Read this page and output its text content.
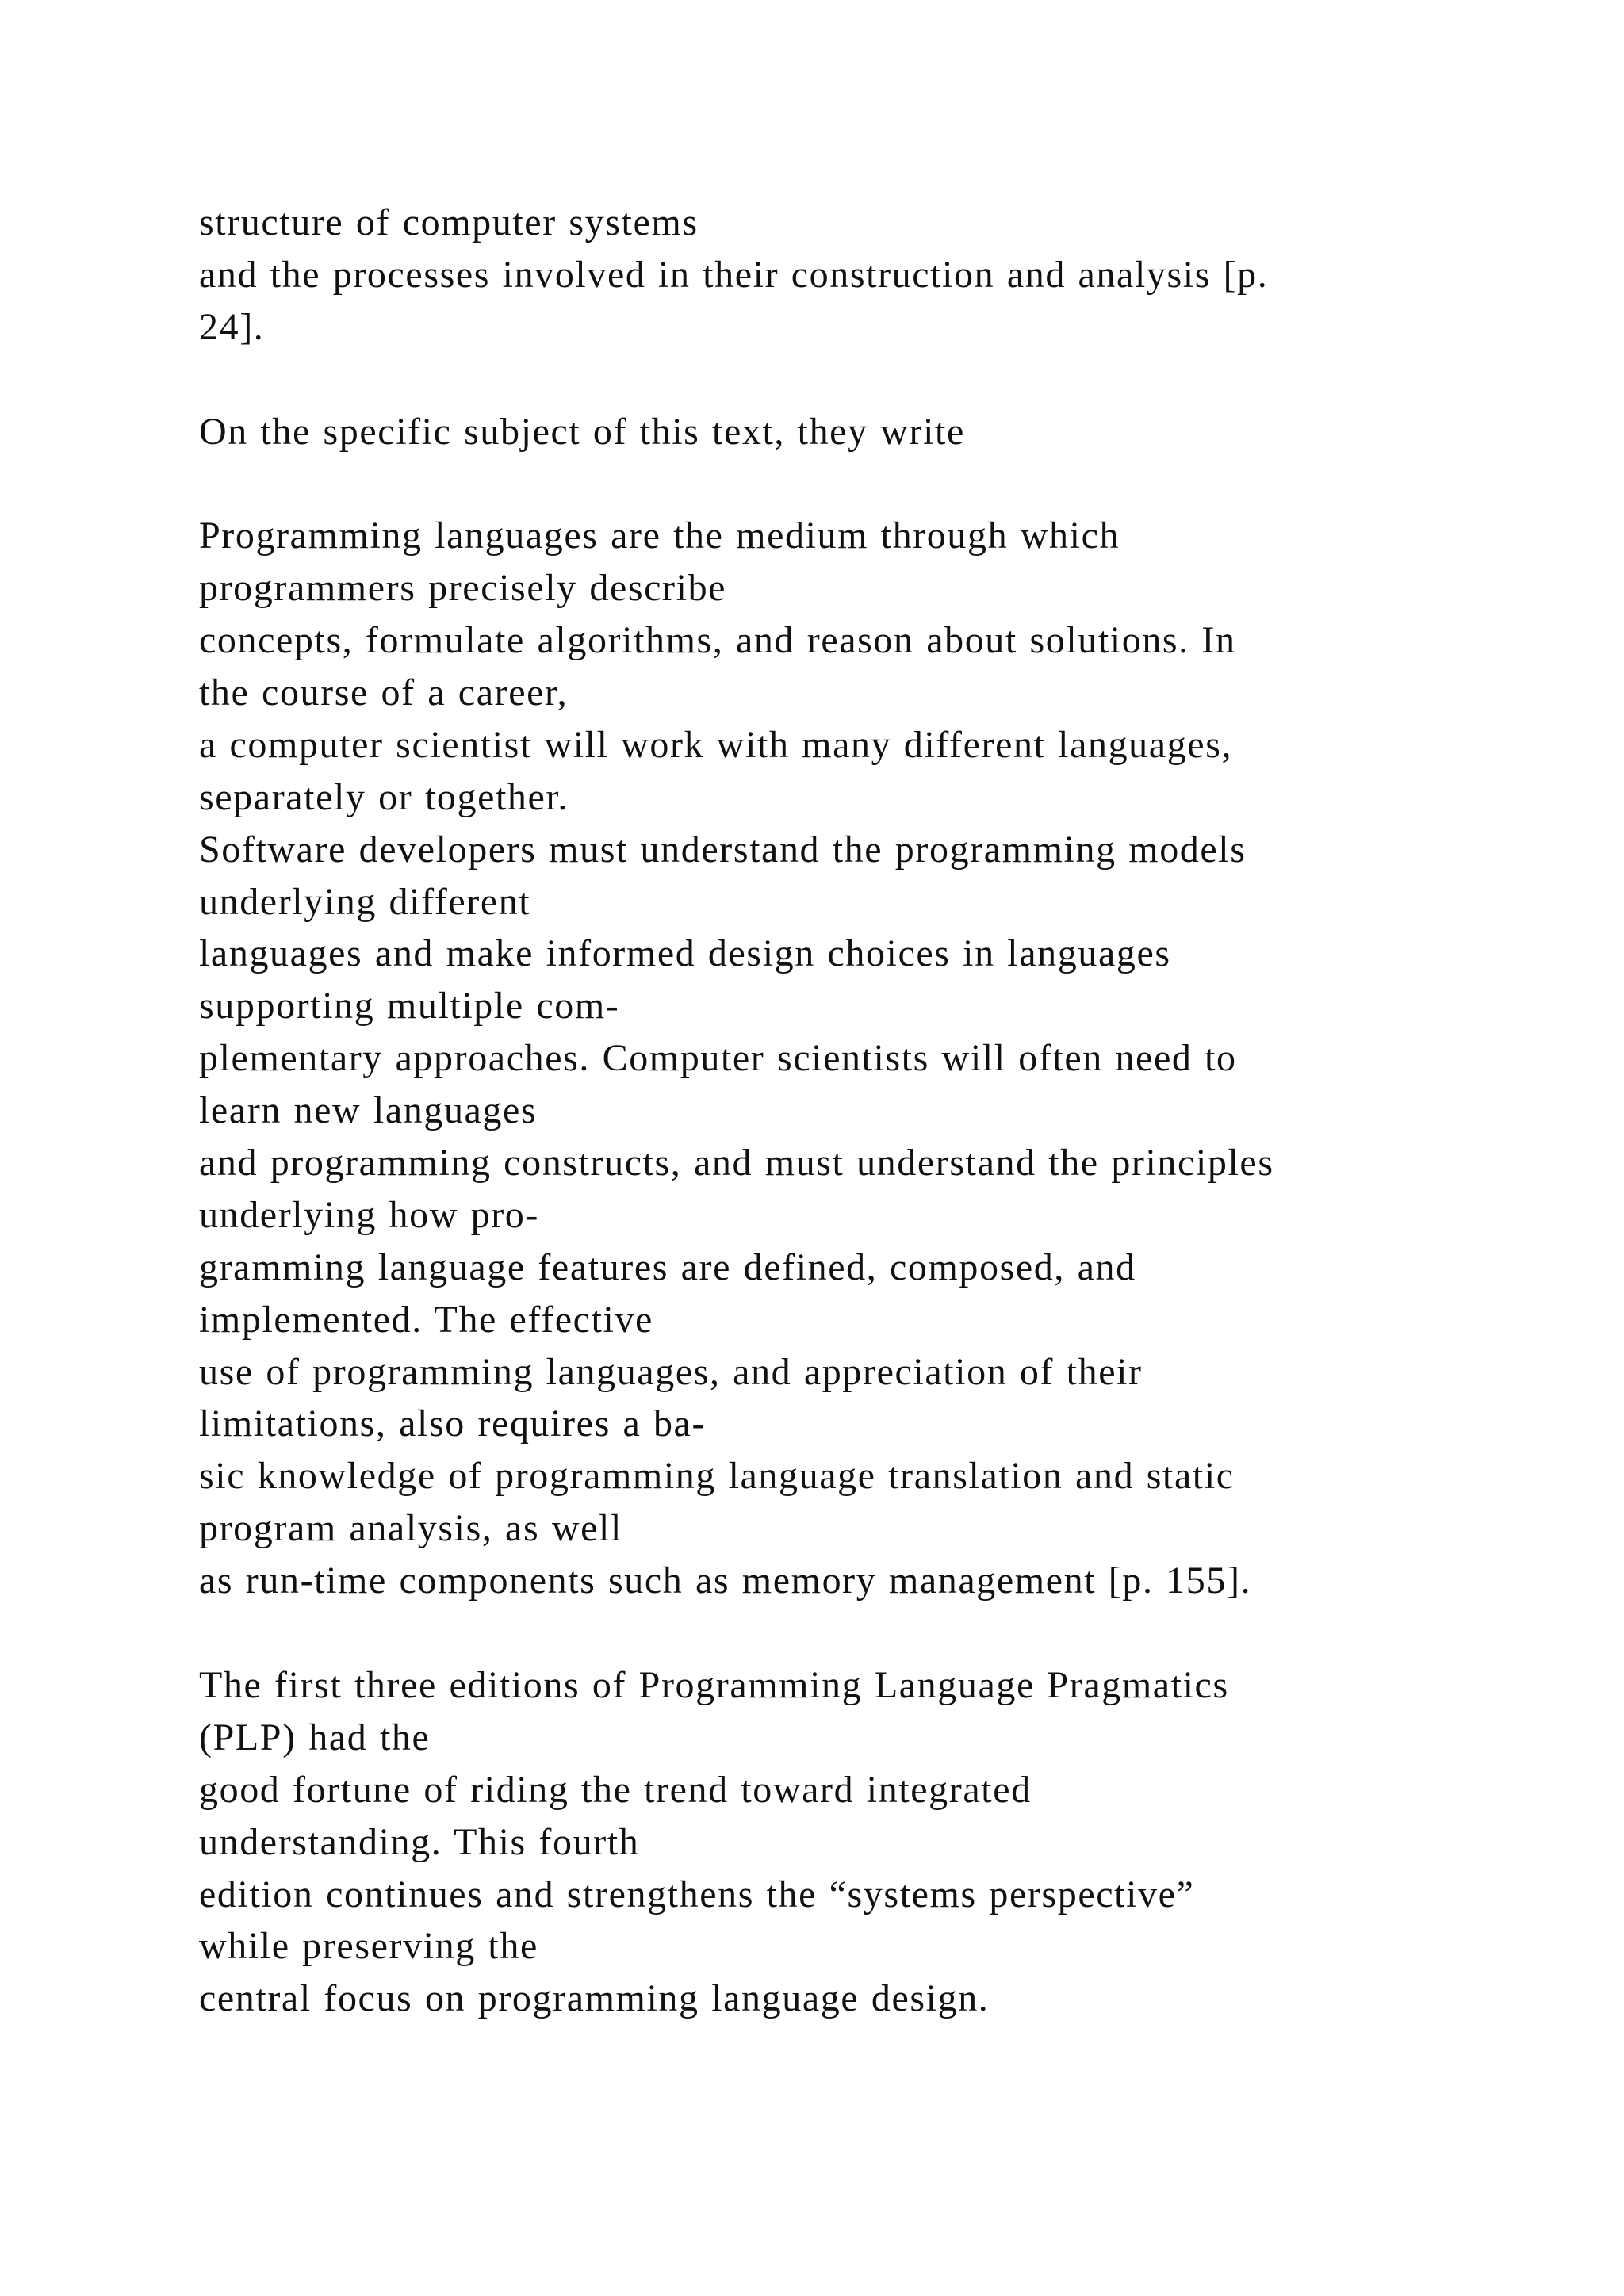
structure of computer systems
and the processes involved in their construction and analysis [p.
24].
On the specific subject of this text, they write
Programming languages are the medium through which
programmers precisely describe
concepts, formulate algorithms, and reason about solutions. In
the course of a career,
a computer scientist will work with many different languages,
separately or together.
Software developers must understand the programming models
underlying different
languages and make informed design choices in languages
supporting multiple com-
plementary approaches. Computer scientists will often need to
learn new languages
and programming constructs, and must understand the principles
underlying how pro-
gramming language features are defined, composed, and
implemented. The effective
use of programming languages, and appreciation of their
limitations, also requires a ba-
sic knowledge of programming language translation and static
program analysis, as well
as run-time components such as memory management [p. 155].
The first three editions of Programming Language Pragmatics
(PLP) had the
good fortune of riding the trend toward integrated
understanding. This fourth
edition continues and strengthens the “systems perspective”
while preserving the
central focus on programming language design.
